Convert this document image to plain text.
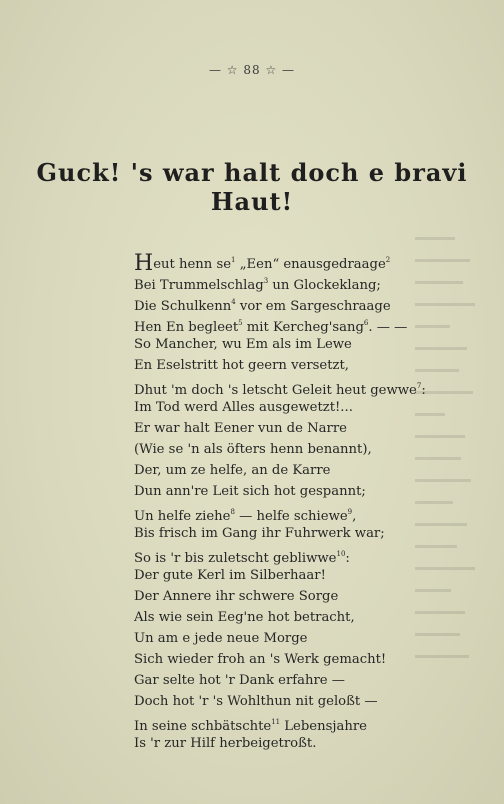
— ☆ 88 ☆ —
Guck! 's war halt doch e bravi Haut!
Heut henn $se^1$ „Een“ enausgedraage$^2$
Bei Trummelschlag$^3$ un Glockeklang;
Die Schulkenn$^4$ vor em Sargeschraage
Hen En begleet$^5$ mit Kercheg'sang$^6$. — —
So Mancher, wu Em als im Lewe
En Eselstritt hot geern versetzt,
Dhut 'm doch 's letscht Geleit heut gewwe$^7$:
Im Tod werd Alles ausgewetzt!...
Er war halt Eener vun de Narre
(Wie se 'n als öfters henn benannt),
Der, um ze helfe, an de Karre
Dun ann're Leit sich hot gespannt;
Un helfe ziehe$^8$ — helfe schiewe$^9$,
Bis frisch im Gang ihr Fuhrwerk war;
So is 'r bis zuletscht gebliwwe$^{10}$:
Der gute Kerl im Silberhaar!
Der Annere ihr schwere Sorge
Als wie sein Eeg'ne hot betracht,
Un am e jede neue Morge
Sich wieder froh an 's Werk gemacht!
Gar selte hot 'r Dank erfahre —
Doch hot 'r 's Wohlthun nit geloßt —
In seine schbätschte$^{11}$ Lebensjahre
Is 'r zur Hilf herbeigetroßt.
